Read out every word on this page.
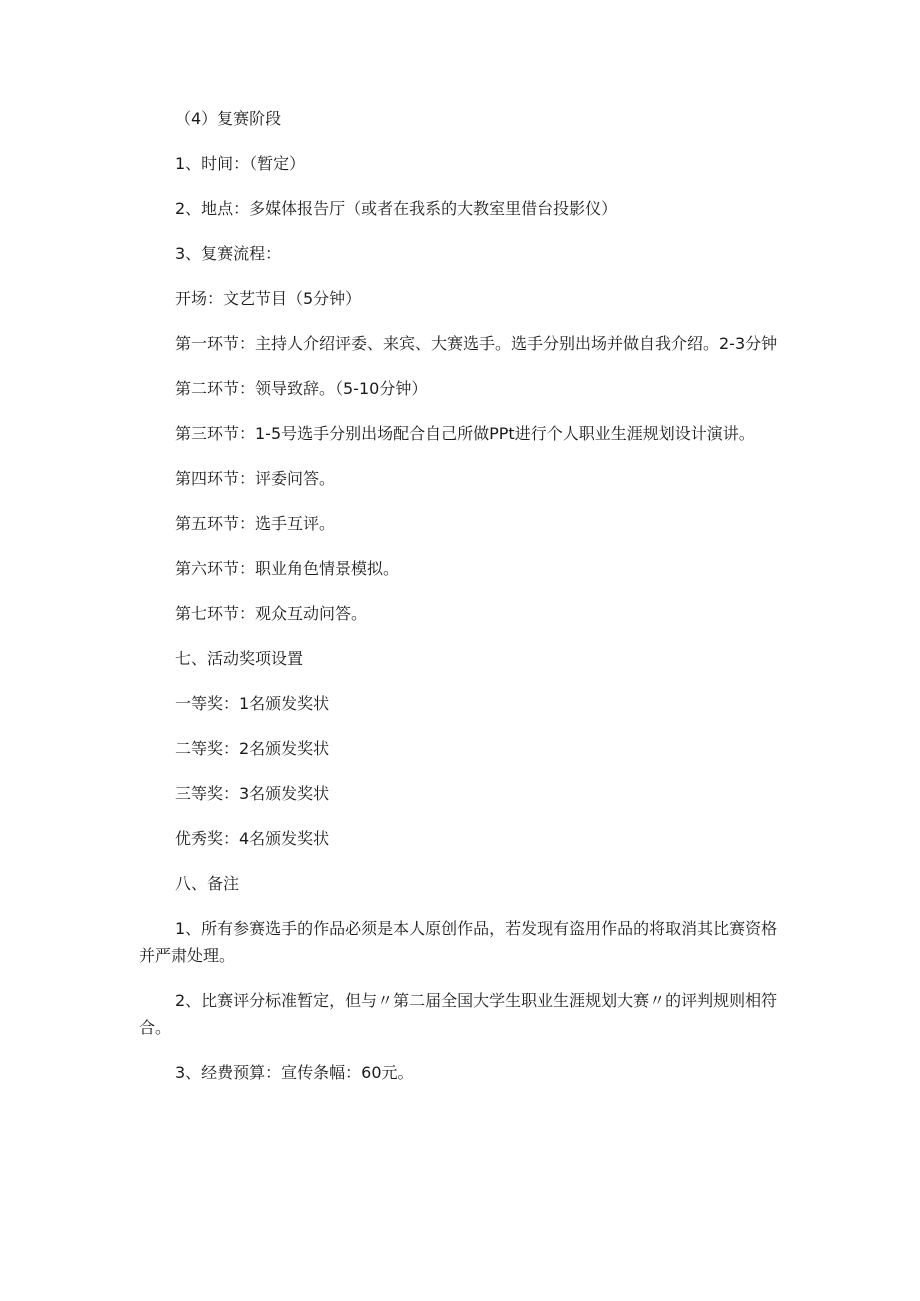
（4）复赛阶段

1、时间：（暂定）

2、地点：多媒体报告厅（或者在我系的大教室里借台投影仪）

3、复赛流程：

开场：文艺节目（5分钟）

第一环节：主持人介绍评委、来宾、大赛选手。选手分别出场并做自我介绍。2-3分钟

第二环节：领导致辞。（5-10分钟）

第三环节：1-5号选手分别出场配合自己所做PPt进行个人职业生涯规划设计演讲。

第四环节：评委问答。

第五环节：选手互评。

第六环节：职业角色情景模拟。

第七环节：观众互动问答。

七、活动奖项设置

一等奖：1名颁发奖状

二等奖：2名颁发奖状

三等奖：3名颁发奖状

优秀奖：4名颁发奖状

八、备注

1、所有参赛选手的作品必须是本人原创作品，若发现有盗用作品的将取消其比赛资格并严肃处理。

2、比赛评分标准暂定，但与〃第二届全国大学生职业生涯规划大赛〃的评判规则相符合。

3、经费预算：宣传条幅：60元。
